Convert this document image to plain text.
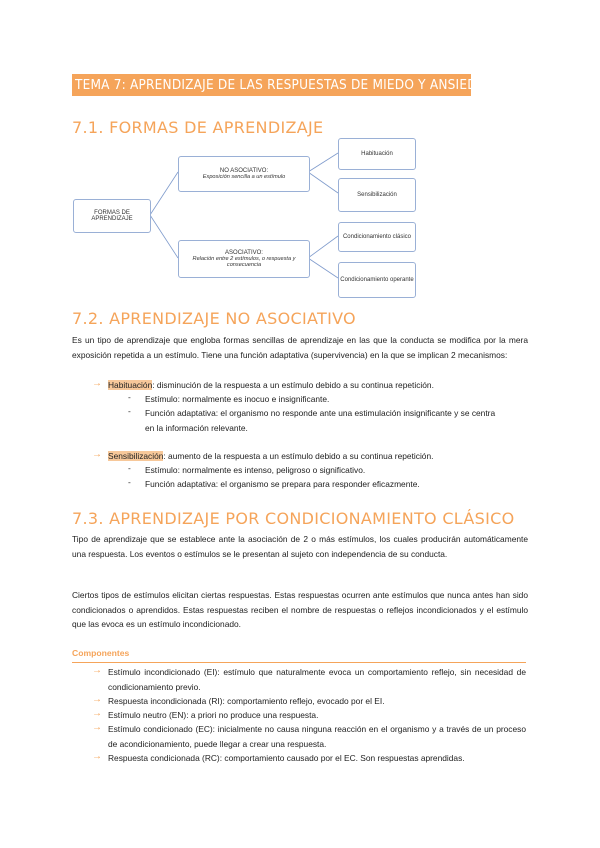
TEMA 7: APRENDIZAJE DE LAS RESPUESTAS DE MIEDO Y ANSIEDAD (FOBIAS)
7.1. FORMAS DE APRENDIZAJE
FORMAS DE APRENDIZAJE
NO ASOCIATIVO:
Exposición sencilla a un estímulo
ASOCIATIVO:
Relación entre 2 estímulos, o respuesta y consecuencia
Habituación
Sensibilización
Condicionamiento clásico
Condicionamiento operante
7.2. APRENDIZAJE NO ASOCIATIVO
Es un tipo de aprendizaje que engloba formas sencillas de aprendizaje en las que la conducta se modifica por la mera exposición repetida a un estímulo. Tiene una función adaptativa (supervivencia) en la que se implican 2 mecanismos:
→ Habituación: disminución de la respuesta a un estímulo debido a su continua repetición.
- Estímulo: normalmente es inocuo e insignificante.
- Función adaptativa: el organismo no responde ante una estimulación insignificante y se centra en la información relevante.
→ Sensibilización: aumento de la respuesta a un estímulo debido a su continua repetición.
- Estímulo: normalmente es intenso, peligroso o significativo.
- Función adaptativa: el organismo se prepara para responder eficazmente.
7.3. APRENDIZAJE POR CONDICIONAMIENTO CLÁSICO
Tipo de aprendizaje que se establece ante la asociación de 2 o más estímulos, los cuales producirán automáticamente una respuesta. Los eventos o estímulos se le presentan al sujeto con independencia de su conducta.
Ciertos tipos de estímulos elicitan ciertas respuestas. Estas respuestas ocurren ante estímulos que nunca antes han sido condicionados o aprendidos. Estas respuestas reciben el nombre de respuestas o reflejos incondicionados y el estímulo que las evoca es un estímulo incondicionado.
Componentes
→ Estímulo incondicionado (EI): estímulo que naturalmente evoca un comportamiento reflejo, sin necesidad de condicionamiento previo.
→ Respuesta incondicionada (RI): comportamiento reflejo, evocado por el EI.
→ Estímulo neutro (EN): a priori no produce una respuesta.
→ Estímulo condicionado (EC): inicialmente no causa ninguna reacción en el organismo y a través de un proceso de acondicionamiento, puede llegar a crear una respuesta.
→ Respuesta condicionada (RC): comportamiento causado por el EC. Son respuestas aprendidas.
